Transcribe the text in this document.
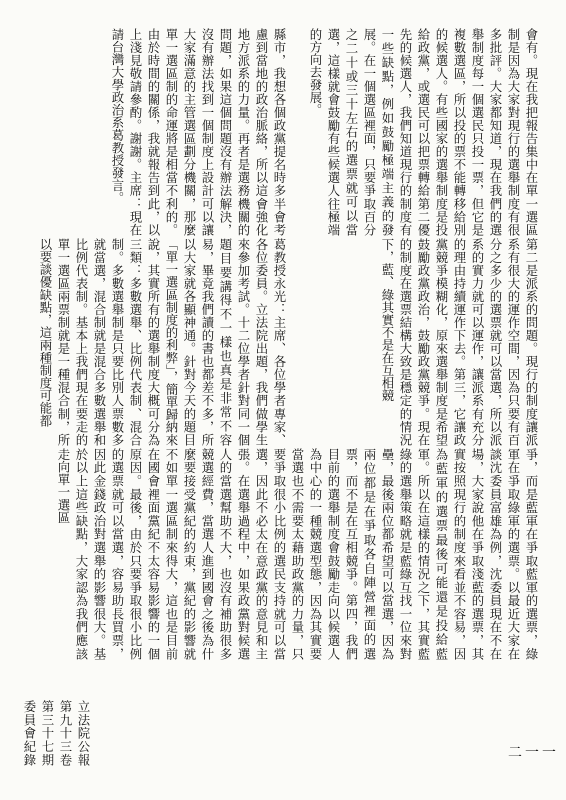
會有。現在我把報告集中在單一選區制是因為大家對現行的選舉制度有很多批評。大家都知道，現在我們的選舉制度每一個選民只投一票，但它是複數選區，所以投的票不能轉移給別的候選人。有些國家的選舉制度是投給政黨，或選民可以把票轉給第二優先的候選人，我們知道現行的制度有一些缺點，例如鼓勵極端主義的發展。在一個選區裡面，只要爭取百分之二十或三十左右的選票就可以當選，這樣就會鼓勵有些候選人往極端的方向去發展。

縣市，我想各個政黨提名時多半會考慮到當地的政治脈絡，所以這會強化地方派系的力量。再者是選務機關的問題，如果這個問題沒有辦法解決，沒有辦法找到一個制度上設計可以讓大家滿意的主管選區劃分機關，那麼單一選區制的命運將是相當不利的。由於時間的關係，我就報告到此，以上淺見敬請參酌。謝謝。主席：現在請台灣大學政治系葛教授發言。

第二是派系的問題。現行的制度讓派系有很大的運作空間，因為只要有百分之多少的選票就可以當選，所以派系的實力就可以運作，讓派系有充分的理由持續運作下去。第三，它讓政黨競爭模糊化，原來選舉制度是希望鼓勵政黨政治，鼓勵政黨競爭。現在的制度在選票結構大致是穩定的情況下，藍、綠其實不是在互相競

葛教授永光：主席、各位學者專家、各位委員。立法院出題，我們做學生來參加考試。十二位學者針對同一個題目要講得不一樣也真是非常不容易，畢竟我們讀的書也都差不多，所以大家就各顯神通。針對今天的題目「單一選區制度的利弊」，簡單歸納來說，其實所有的選舉制度大概可分為三類：多數選舉、比例代表制、混合制。多數選舉制是只要比別人票數多就當選，混合制就是混合多數選舉和比例代表制。基本上我們現在要走的單一選區兩票制就是一種混合制，所以要談優缺點，這兩種制度可能都

爭，而是藍軍在爭取藍軍的選票，綠軍在爭取綠軍的選票。以最近大家在談沈委員富雄為例，沈委員現在不在場，大家說他在爭取淺藍的選票，其實按照現行的制度來看並不容易，因為藍軍的選票最後可能還是投給藍軍。所以在這樣的情況之下，其實藍綠的選舉策略就是藍綠互找一位來對壘，最後兩位都希望可以當選，因為兩位都是在爭取各自陣營裡面的選票，而不是在互相競爭。第四，我們目前的選舉制度會鼓勵走向以候選人為中心的一種競選型態，因為其實要當選也不需要太藉助政黨的力量，只要爭取很小比例的選民支持就可以當選，因此不必太在意政黨的意見和主張。在選舉過程中，如果政黨對候選人的當選幫助不大，也沒有補助很多競選經費，當選人進到國會之後為什麼要接受黨紀的約束，黨紀的影響就不如單一選區制來得大，這也是目前在國會裡面黨紀不太容易影響的一個原因。最後，由於只要爭取很小比例的選票就可以當選，容易助長買票，因此金錢政治對選舉的影響很大。基於以上這些缺點，大家認為我們應該走向單一選區

立法院公報　第九十三卷　第三十七期　委員會紀錄	二一一
